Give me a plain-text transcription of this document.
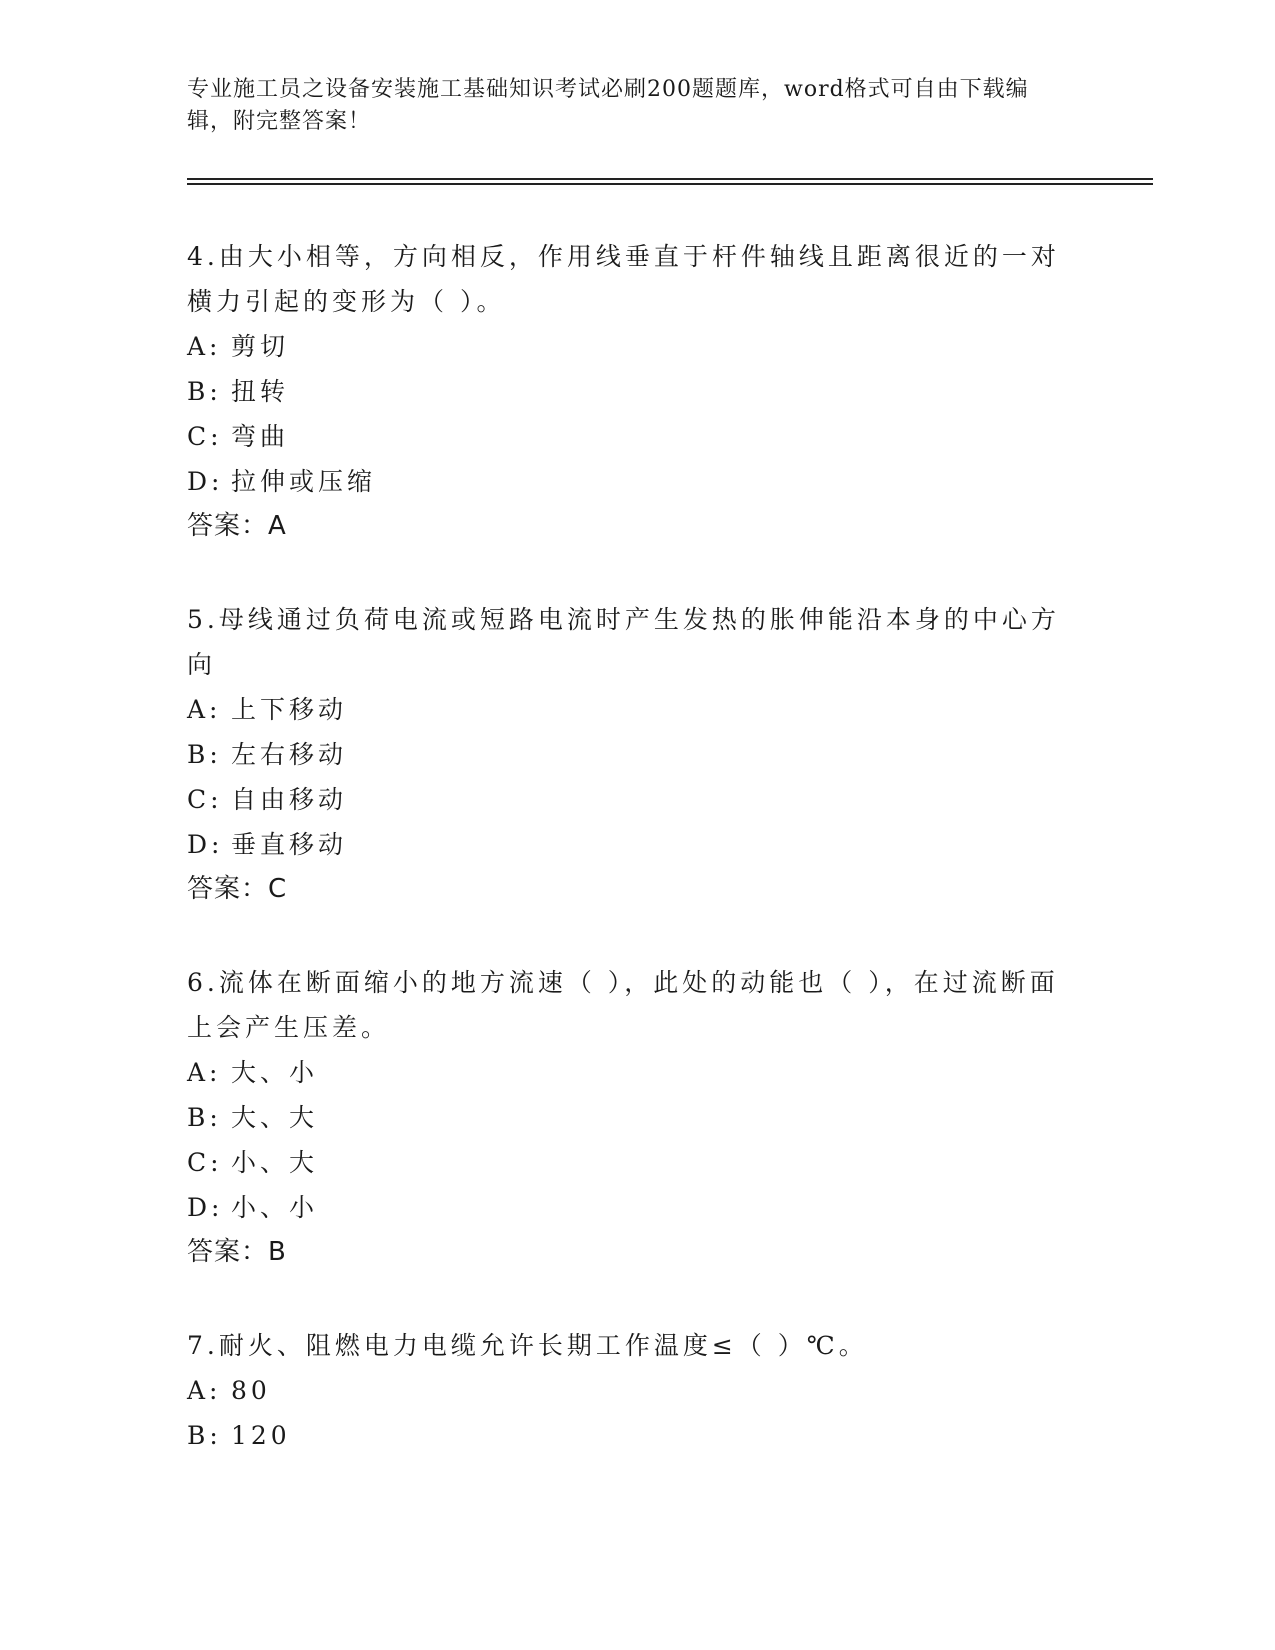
专业施工员之设备安装施工基础知识考试必刷200题题库，word格式可自由下载编辑，附完整答案！

4.由大小相等，方向相反，作用线垂直于杆件轴线且距离很近的一对横力引起的变形为（ ）。

A: 剪切
B: 扭转
C: 弯曲
D: 拉伸或压缩

答案：A

5.母线通过负荷电流或短路电流时产生发热的胀伸能沿本身的中心方向

A: 上下移动
B: 左右移动
C: 自由移动
D: 垂直移动

答案：C

6.流体在断面缩小的地方流速（ ），此处的动能也（ ），在过流断面上会产生压差。

A: 大、小
B: 大、大
C: 小、大
D: 小、小

答案：B

7.耐火、阻燃电力电缆允许长期工作温度≤（ ）℃。

A: 80
B: 120
